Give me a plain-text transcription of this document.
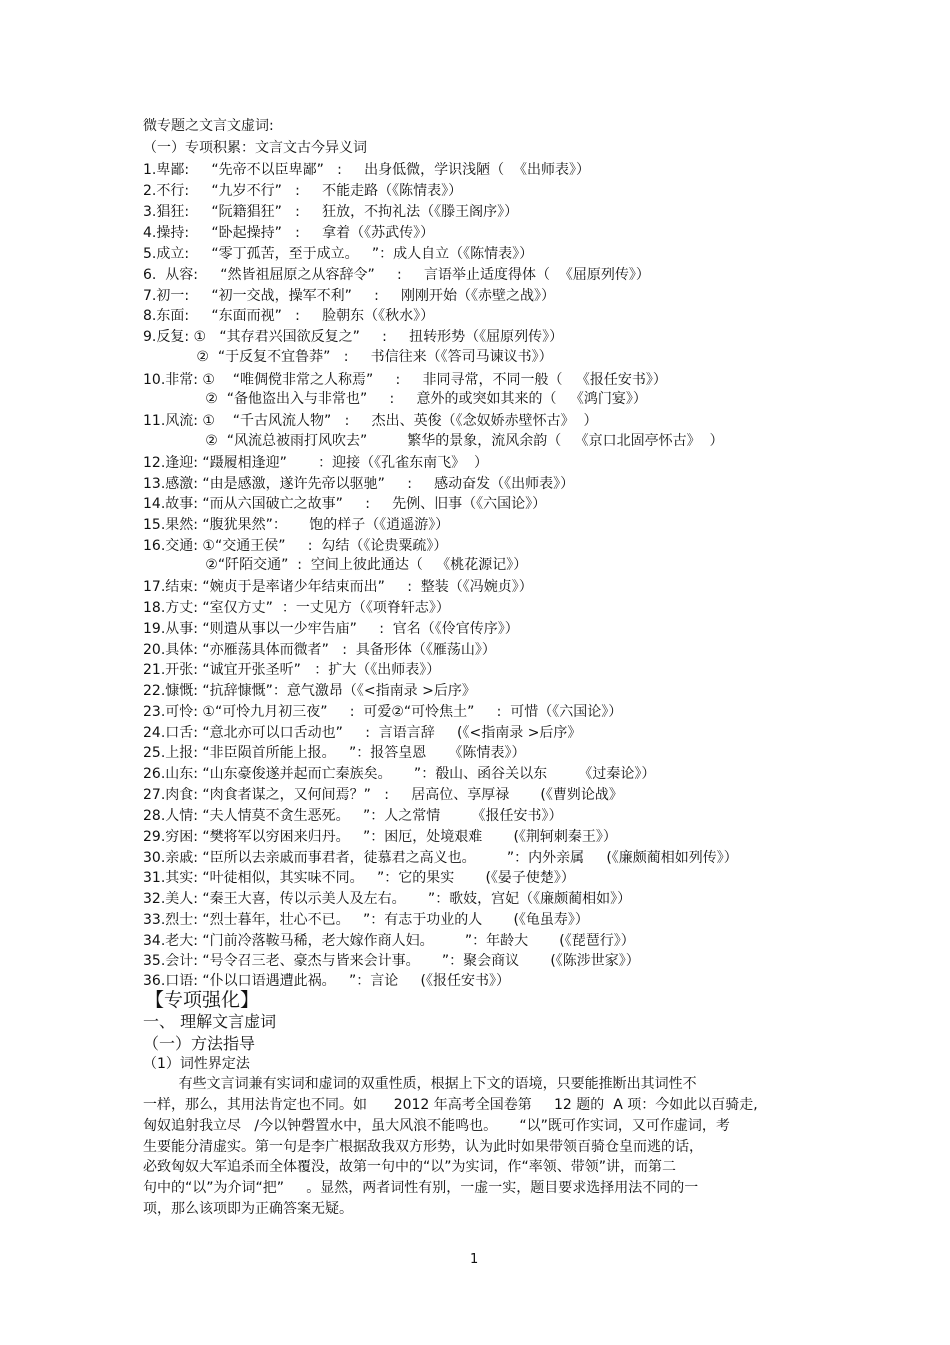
微专题之文言文虚词:
（一）专项积累：文言文古今异义词
1.卑鄙:     “先帝不以臣卑鄙”   :     出身低微，学识浅陋（  《出师表》）
2.不行:     “九岁不行”   :     不能走路（《陈情表》）
3.猖狂:     “阮籍猖狂”   :     狂放，不拘礼法（《滕王阁序》）
4.操持:     “卧起操持”   :     拿着（《苏武传》）
5.成立:     “零丁孤苦，至于成立。   ”：成人自立（《陈情表》）
6.  从容:     “然皆祖屈原之从容辞令”     :     言语举止适度得体（  《屈原列传》）
7.初一:     “初一交战，操军不利”     :     刚刚开始（《赤壁之战》）
8.东面:     “东面而视”   :     脸朝东（《秋水》）
9.反复: ①   “其存君兴国欲反复之”     :     扭转形势（《屈原列传》）
②  “于反复不宜鲁莽”   :     书信往来（《答司马谏议书》）
10.非常: ①    “唯倜傥非常之人称焉”     :     非同寻常，不同一般（   《报任安书》）
②  “备他盗出入与非常也”     :     意外的或突如其来的（   《鸿门宴》）
11.风流: ①    “千古风流人物”   :     杰出、英俊（《念奴娇赤壁怀古》  ）
②  “风流总被雨打风吹去”         繁华的景象，流风余韵（   《京口北固亭怀古》  ）
12.逢迎: “蹑履相逢迎”       ：迎接（《孔雀东南飞》  ）
13.感激: “由是感激，遂许先帝以驱驰”     :     感动奋发（《出师表》）
14.故事: “而从六国破亡之故事”     :     先例、旧事（《六国论》）
15.果然: “腹犹果然”：     饱的样子（《逍遥游》）
16.交通: ①“交通王侯”     :  勾结（《论贵粟疏》）
②“阡陌交通”  :  空间上彼此通达（   《桃花源记》）
17.结束: “婉贞于是率诸少年结束而出”     :  整装（《冯婉贞》）
18.方丈: “室仅方丈”  ：一丈见方（《项脊轩志》）
19.从事: “则遣从事以一少牢告庙”     :  官名（《伶官传序》）
20.具体: “亦雁荡具体而微者”   :  具备形体（《雁荡山》）
21.开张: “诚宜开张圣听”   ：扩大（《出师表》）
22.慷慨: “抗辞慷慨”：意气激昂（《<指南录 >后序》
23.可怜: ①“可怜九月初三夜”     :  可爱②“可怜焦土”     :  可惜（《六国论》）
24.口舌: “意北亦可以口舌动也”     :  言语言辞     (《<指南录 >后序》
25.上报: “非臣陨首所能上报。   ”：报答皇恩     《陈情表》）
26.山东: “山东豪俊遂并起而亡秦族矣。     ”：殽山、函谷关以东       《过秦论》）
27.肉食: “肉食者谋之，又何间焉？”   :     居高位、享厚禄       (《曹刿论战》
28.人情: “夫人情莫不贪生恶死。   ”：人之常情       《报任安书》）
29.穷困: “樊将军以穷困来归丹。   ”：困厄，处境艰难       (《荆轲刺秦王》）
30.亲戚: “臣所以去亲戚而事君者，徒慕君之高义也。       ”：内外亲属     (《廉颇蔺相如列传》）
31.其实: “叶徒相似，其实味不同。   ”：它的果实       (《晏子使楚》）
32.美人: “秦王大喜，传以示美人及左右。     ”：歌妓，宫妃（《廉颇蔺相如》）
33.烈士: “烈士暮年，壮心不已。   ”：有志于功业的人       (《龟虽寿》）
34.老大: “门前冷落鞍马稀，老大嫁作商人妇。       ”：年龄大       (《琵琶行》）
35.会计: “号令召三老、豪杰与皆来会计事。     ”：聚会商议       (《陈涉世家》）
36.口语: “仆以口语遇遭此祸。   ”：言论     (《报任安书》）
【专项强化】
一、 理解文言虚词
（一）方法指导
（1）词性界定法
有些文言词兼有实词和虚词的双重性质，根据上下文的语境，只要能推断出其词性不
一样，那么，其用法肯定也不同。如      2012 年高考全国卷第     12 题的  A 项：今如此以百骑走,
匈奴追射我立尽   /今以钟磬置水中，虽大风浪不能鸣也。     “以”既可作实词，又可作虚词，考
生要能分清虚实。第一句是李广根据敌我双方形势，认为此时如果带领百骑仓皇而逃的话，
必致匈奴大军追杀而全体覆没，故第一句中的“以”为实词，作“率领、带领”讲，而第二
句中的“以”为介词“把”     。显然，两者词性有别，一虚一实，题目要求选择用法不同的一
项，那么该项即为正确答案无疑。
1
